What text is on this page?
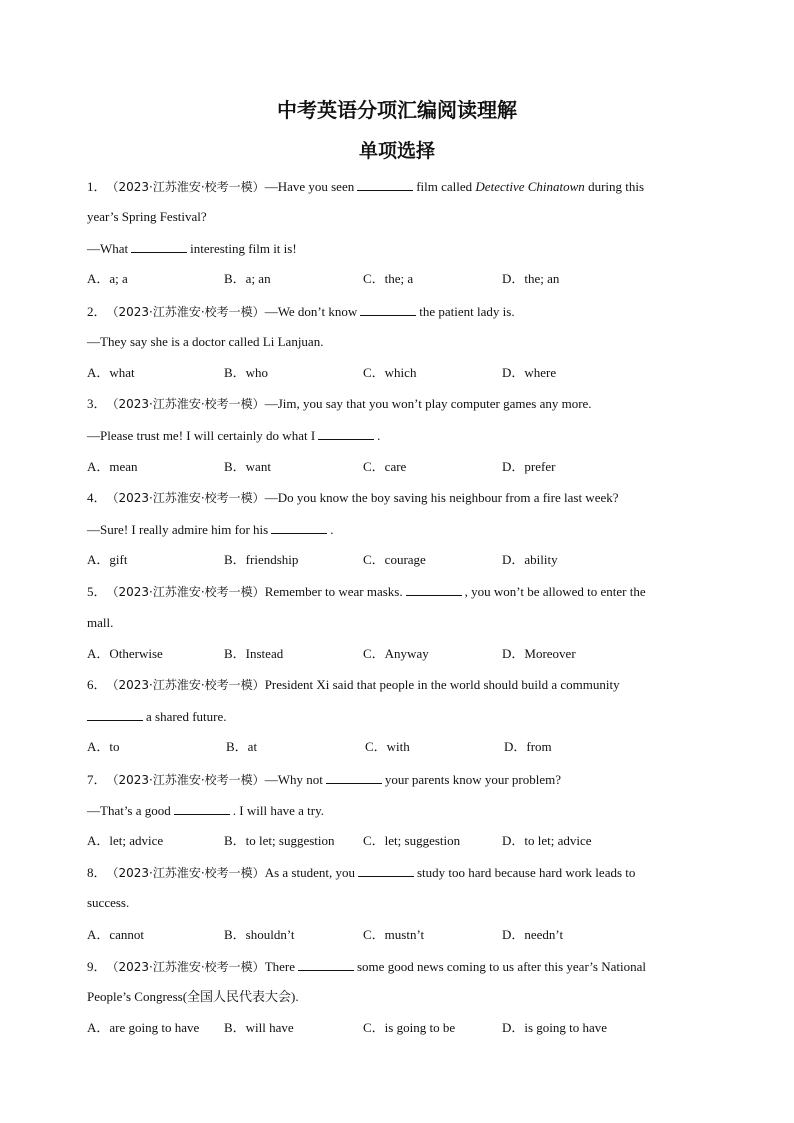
中考英语分项汇编阅读理解
单项选择
1．（2023·江苏淮安·校考一模）—Have you seen	film called Detective Chinatown during this
year’s Spring Festival?
—What	interesting film it is!
A．a; a	B．a; an	C．the; a	D．the; an
2．（2023·江苏淮安·校考一模）—We don’t know	the patient lady is.
—They say she is a doctor called Li Lanjuan.
A．what	B．who	C．which	D．where
3．（2023·江苏淮安·校考一模）—Jim, you say that you won’t play computer games any more.
—Please trust me! I will certainly do what I	.
A．mean	B．want	C．care	D．prefer
4．（2023·江苏淮安·校考一模）—Do you know the boy saving his neighbour from a fire last week?
—Sure! I really admire him for his	.
A．gift	B．friendship	C．courage	D．ability
5．（2023·江苏淮安·校考一模）Remember to wear masks.	, you won’t be allowed to enter the
mall.
A．Otherwise	B．Instead	C．Anyway	D．Moreover
6．（2023·江苏淮安·校考一模）President Xi said that people in the world should build a community
a shared future.
A．to	B．at	C．with	D．from
7．（2023·江苏淮安·校考一模）—Why not	your parents know your problem?
—That’s a good	. I will have a try.
A．let; advice	B．to let; suggestion C．let; suggestion	D．to let; advice
8．（2023·江苏淮安·校考一模）As a student, you	study too hard because hard work leads to
success.
A．cannot	B．shouldn’t	C．mustn’t	D．needn’t
9．（2023·江苏淮安·校考一模）There	some good news coming to us after this year’s National
People’s Congress(全国人民代表大会).
A．are going to have B．will have	C．is going to be	D．is going to have
